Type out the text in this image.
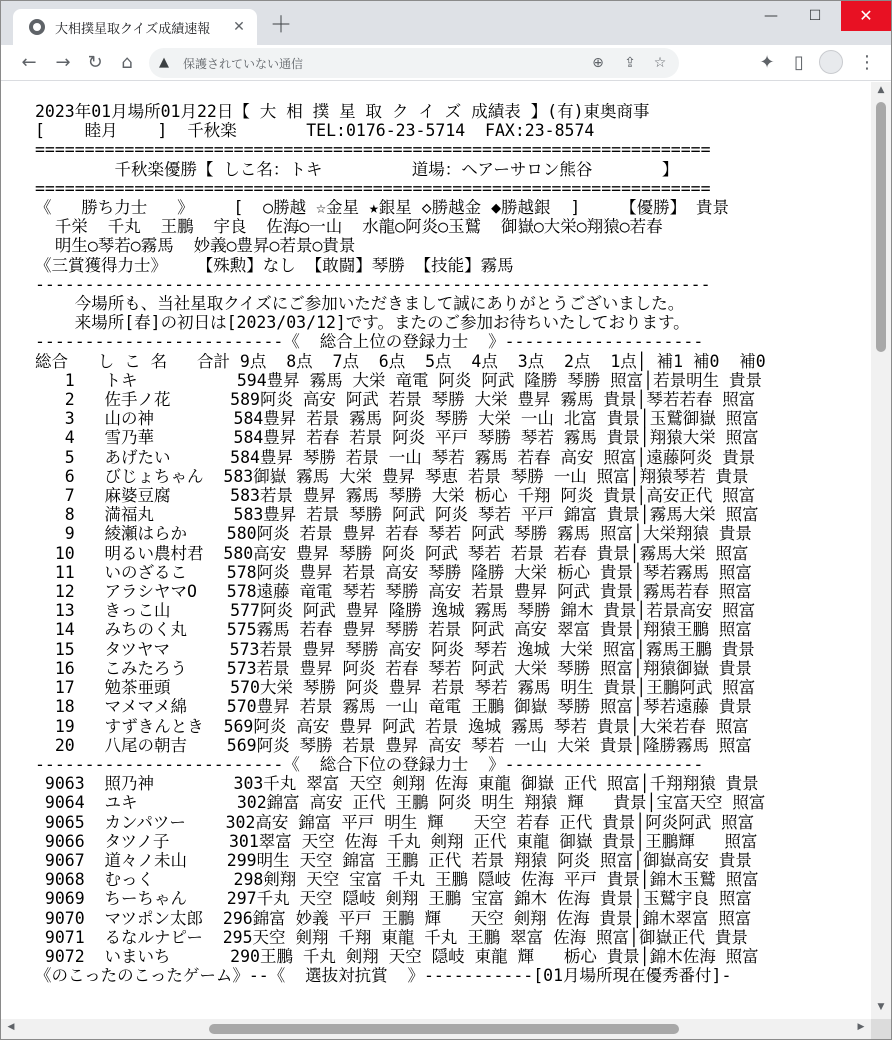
大相撲星取クイズ成績速報	✕ ＋	—	☐	✕
←	→ ↻	⌂	▲ 保護されていない通信	⊕	⇪	☆	✦	▯	⋮
2023年01月場所01月22日【 大 相 撲 星 取 ク イ ズ 成績表 】(有)東奥商事
[    睦月    ]  千秋楽       TEL:0176-23-5714  FAX:23-8574
====================================================================
千秋楽優勝【 しこ名：トキ         道場：ヘアーサロン熊谷       】
====================================================================
《   勝ち力士   》    [  ○勝越 ☆金星 ★銀星 ◇勝越金 ◆勝越銀  ]    【優勝】 貴景
千栄  千丸  王鵬  宇良  佐海○一山  水龍○阿炎○玉鷲  御嶽○大栄○翔猿○若春
明生○琴若○霧馬  妙義○豊昇○若景○貴景
《三賞獲得力士》   【殊勲】なし 【敢闘】琴勝 【技能】霧馬
--------------------------------------------------------------------
今場所も、当社星取クイズにご参加いただきまして誠にありがとうございました。
来場所[春]の初日は[2023/03/12]です。またのご参加お待ちいたしております。
-------------------------《  総合上位の登録力士  》--------------------
総合   し こ 名   合計 9点  8点  7点  6点  5点  4点  3点  2点  1点│ 補1 補0  補0
1   トキ          594豊昇 霧馬 大栄 竜電 阿炎 阿武 隆勝 琴勝 照富│若景明生 貴景
2   佐手ノ花      589阿炎 高安 阿武 若景 琴勝 大栄 豊昇 霧馬 貴景│琴若若春 照富
3   山の神        584豊昇 若景 霧馬 阿炎 琴勝 大栄 一山 北富 貴景│玉鷲御嶽 照富
4   雪乃華        584豊昇 若春 若景 阿炎 平戸 琴勝 琴若 霧馬 貴景│翔猿大栄 照富
5   あげたい      584豊昇 琴勝 若景 一山 琴若 霧馬 若春 高安 照富│遠藤阿炎 貴景
6   びじょちゃん  583御嶽 霧馬 大栄 豊昇 琴恵 若景 琴勝 一山 照富│翔猿琴若 貴景
7   麻婆豆腐      583若景 豊昇 霧馬 琴勝 大栄 栃心 千翔 阿炎 貴景│高安正代 照富
8   満福丸        583豊昇 若景 琴勝 阿武 阿炎 琴若 平戸 錦富 貴景│霧馬大栄 照富
9   綾瀬はらか    580阿炎 若景 豊昇 若春 琴若 阿武 琴勝 霧馬 照富│大栄翔猿 貴景
10   明るい農村君  580高安 豊昇 琴勝 阿炎 阿武 琴若 若景 若春 貴景│霧馬大栄 照富
11   いのざるこ    578阿炎 豊昇 若景 高安 琴勝 隆勝 大栄 栃心 貴景│琴若霧馬 照富
12   アラシヤマO   578遠藤 竜電 琴若 琴勝 高安 若景 豊昇 阿武 貴景│霧馬若春 照富
13   きっこ山      577阿炎 阿武 豊昇 隆勝 逸城 霧馬 琴勝 錦木 貴景│若景高安 照富
14   みちのく丸    575霧馬 若春 豊昇 琴勝 若景 阿武 高安 翠富 貴景│翔猿王鵬 照富
15   タツヤマ      573若景 豊昇 琴勝 高安 阿炎 琴若 逸城 大栄 照富│霧馬王鵬 貴景
16   こみたろう    573若景 豊昇 阿炎 若春 琴若 阿武 大栄 琴勝 照富│翔猿御嶽 貴景
17   勉茶亜頭      570大栄 琴勝 阿炎 豊昇 若景 琴若 霧馬 明生 貴景│王鵬阿武 照富
18   マメマメ綿    570豊昇 若景 霧馬 一山 竜電 王鵬 御嶽 琴勝 照富│琴若遠藤 貴景
19   すずきんとき  569阿炎 高安 豊昇 阿武 若景 逸城 霧馬 琴若 貴景│大栄若春 照富
20   八尾の朝吉    569阿炎 琴勝 若景 豊昇 高安 琴若 一山 大栄 貴景│隆勝霧馬 照富
-------------------------《  総合下位の登録力士  》--------------------
9063  照乃神        303千丸 翠富 天空 剣翔 佐海 東龍 御嶽 正代 照富│千翔翔猿 貴景
9064  ユキ          302錦富 高安 正代 王鵬 阿炎 明生 翔猿 輝   貴景│宝富天空 照富
9065  カンパツー    302高安 錦富 平戸 明生 輝   天空 若春 正代 貴景│阿炎阿武 照富
9066  タツノ子      301翠富 天空 佐海 千丸 剣翔 正代 東龍 御嶽 貴景│王鵬輝   照富
9067  道々ノ未山    299明生 天空 錦富 王鵬 正代 若景 翔猿 阿炎 照富│御嶽高安 貴景
9068  むっく        298剣翔 天空 宝富 千丸 王鵬 隠岐 佐海 平戸 貴景│錦木玉鷲 照富
9069  ちーちゃん    297千丸 天空 隠岐 剣翔 王鵬 宝富 錦木 佐海 貴景│玉鷲宇良 照富
9070  マツポン太郎  296錦富 妙義 平戸 王鵬 輝   天空 剣翔 佐海 貴景│錦木翠富 照富
9071  るなルナピー  295天空 剣翔 千翔 東龍 千丸 王鵬 翠富 佐海 照富│御嶽正代 貴景
9072  いまいち      290王鵬 千丸 剣翔 天空 隠岐 東龍 輝   栃心 貴景│錦木佐海 照富
《のこったのこったゲーム》--《  選抜対抗賞  》-----------[01月場所現在優秀番付]-
▲
▼
◀	▶
